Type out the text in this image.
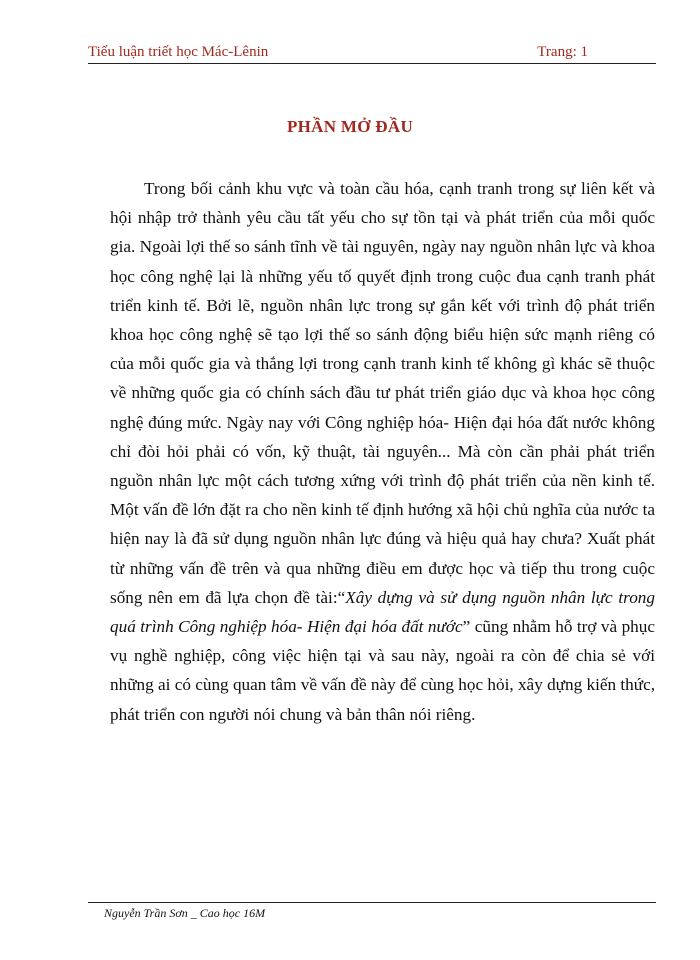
Tiểu luận triết học Mác-Lênin	Trang: 1
PHẦN MỞ ĐẦU

Trong bối cảnh khu vực và toàn cầu hóa, cạnh tranh trong sự liên kết và hội nhập trở thành yêu cầu tất yếu cho sự tồn tại và phát triển của mỗi quốc gia. Ngoài lợi thế so sánh tĩnh về tài nguyên, ngày nay nguồn nhân lực và khoa học công nghệ lại là những yếu tố quyết định trong cuộc đua cạnh tranh phát triển kinh tế. Bởi lẽ, nguồn nhân lực trong sự gắn kết với trình độ phát triển khoa học công nghệ sẽ tạo lợi thế so sánh động biểu hiện sức mạnh riêng có của mỗi quốc gia và thắng lợi trong cạnh tranh kinh tế không gì khác sẽ thuộc về những quốc gia có chính sách đầu tư phát triển giáo dục và khoa học công nghệ đúng mức. Ngày nay với Công nghiệp hóa- Hiện đại hóa đất nước không chỉ đòi hỏi phải có vốn, kỹ thuật, tài nguyên... Mà còn cần phải phát triển nguồn nhân lực một cách tương xứng với trình độ phát triển của nền kinh tế. Một vấn đề lớn đặt ra cho nền kinh tế định hướng xã hội chủ nghĩa của nước ta hiện nay là đã sử dụng nguồn nhân lực đúng và hiệu quả hay chưa? Xuất phát từ những vấn đề trên và qua những điều em được học và tiếp thu trong cuộc sống nên em đã lựa chọn đề tài:“Xây dựng và sử dụng nguồn nhân lực trong quá trình Công nghiệp hóa- Hiện đại hóa đất nước” cũng nhằm hỗ trợ và phục vụ nghề nghiệp, công việc hiện tại và sau này, ngoài ra còn để chia sẻ với những ai có cùng quan tâm về vấn đề này để cùng học hỏi, xây dựng kiến thức, phát triển con người nói chung và bản thân nói riêng.

Nguyễn Trần Sơn _ Cao học 16M
